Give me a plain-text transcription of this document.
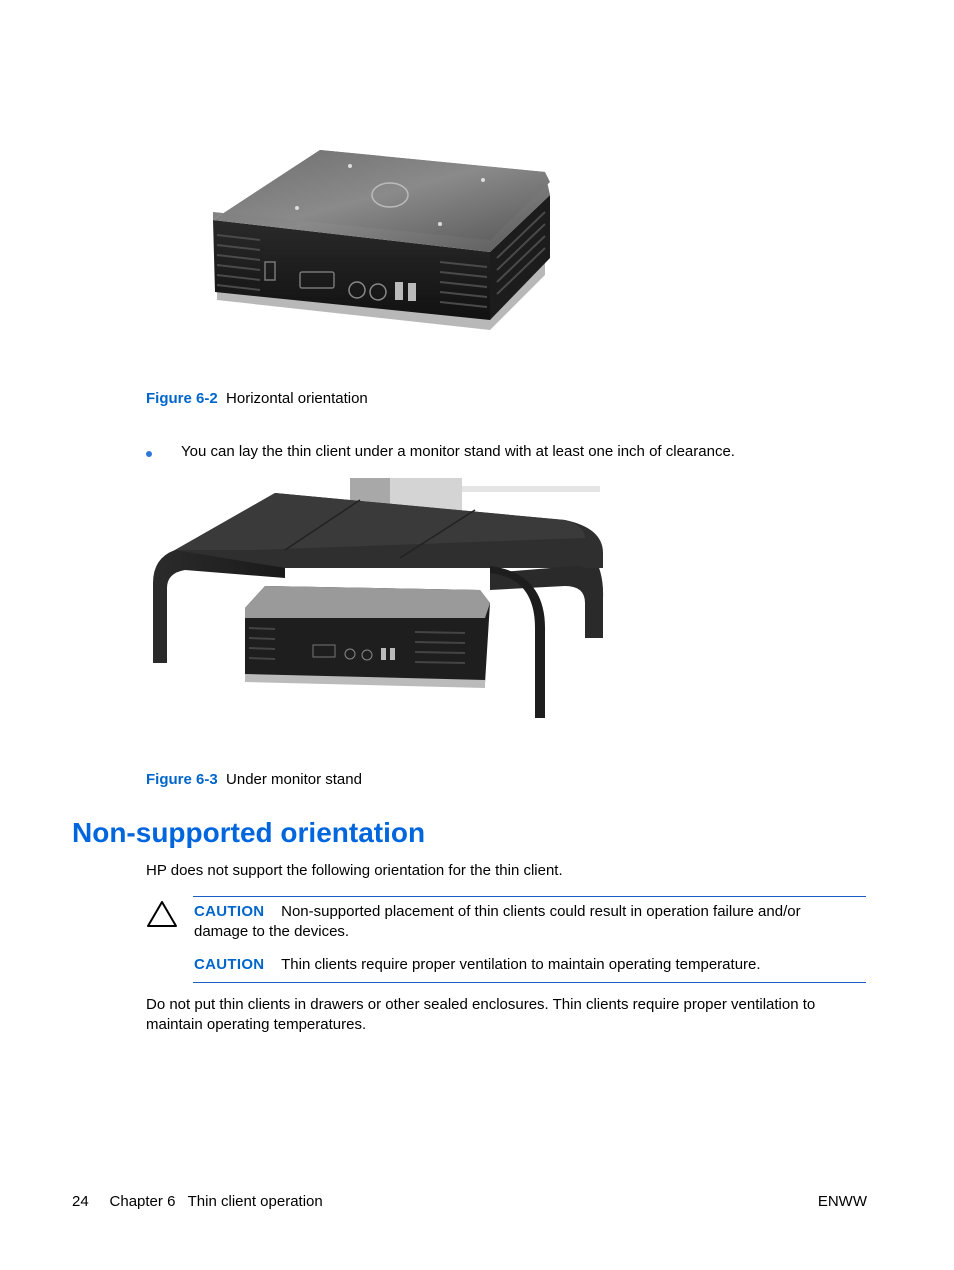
Figure 6-2 Horizontal orientation
You can lay the thin client under a monitor stand with at least one inch of clearance.
Figure 6-3 Under monitor stand
Non-supported orientation
HP does not support the following orientation for the thin client.
CAUTION Non-supported placement of thin clients could result in operation failure and/or
damage to the devices.
CAUTION Thin clients require proper ventilation to maintain operating temperature.
Do not put thin clients in drawers or other sealed enclosures. Thin clients require proper ventilation to
maintain operating temperatures.
24 Chapter 6   Thin client operation	ENWW
